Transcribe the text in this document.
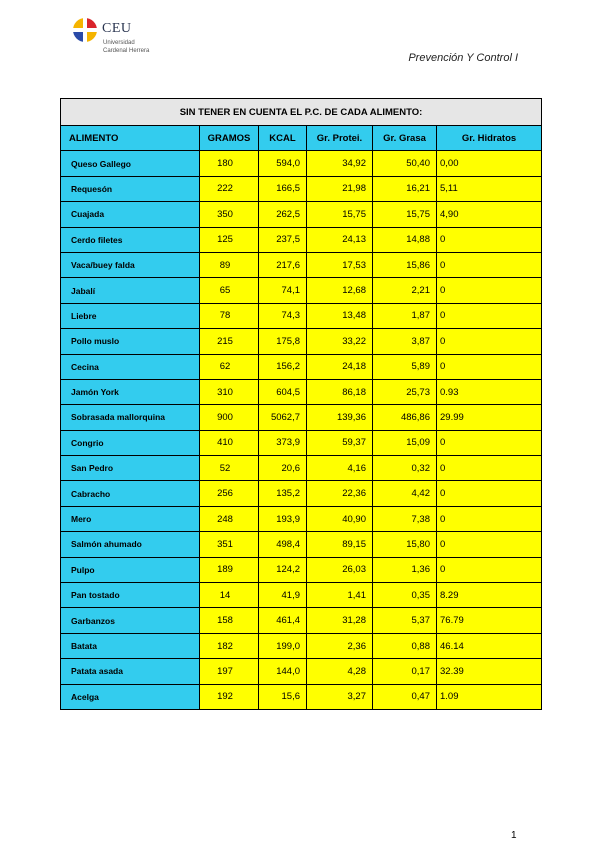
CEU
Universidad
Cardenal Herrera
Prevención Y Control I
SIN TENER EN CUENTA EL P.C. DE CADA ALIMENTO:					
ALIMENTO	GRAMOS	KCAL	Gr. Protei.	Gr. Grasa	Gr. Hidratos
Queso Gallego	180	594,0	34,92	50,40	0,00
Requesón	222	166,5	21,98	16,21	5,11
Cuajada	350	262,5	15,75	15,75	4,90
Cerdo filetes	125	237,5	24,13	14,88	0
Vaca/buey falda	89	217,6	17,53	15,86	0
Jabalí	65	74,1	12,68	2,21	0
Liebre	78	74,3	13,48	1,87	0
Pollo muslo	215	175,8	33,22	3,87	0
Cecina	62	156,2	24,18	5,89	0
Jamón York	310	604,5	86,18	25,73	0.93
Sobrasada mallorquina	900	5062,7	139,36	486,86	29.99
Congrio	410	373,9	59,37	15,09	0
San Pedro	52	20,6	4,16	0,32	0
Cabracho	256	135,2	22,36	4,42	0
Mero	248	193,9	40,90	7,38	0
Salmón ahumado	351	498,4	89,15	15,80	0
Pulpo	189	124,2	26,03	1,36	0
Pan tostado	14	41,9	1,41	0,35	8.29
Garbanzos	158	461,4	31,28	5,37	76.79
Batata	182	199,0	2,36	0,88	46.14
Patata asada	197	144,0	4,28	0,17	32.39
Acelga	192	15,6	3,27	0,47	1.09
1
